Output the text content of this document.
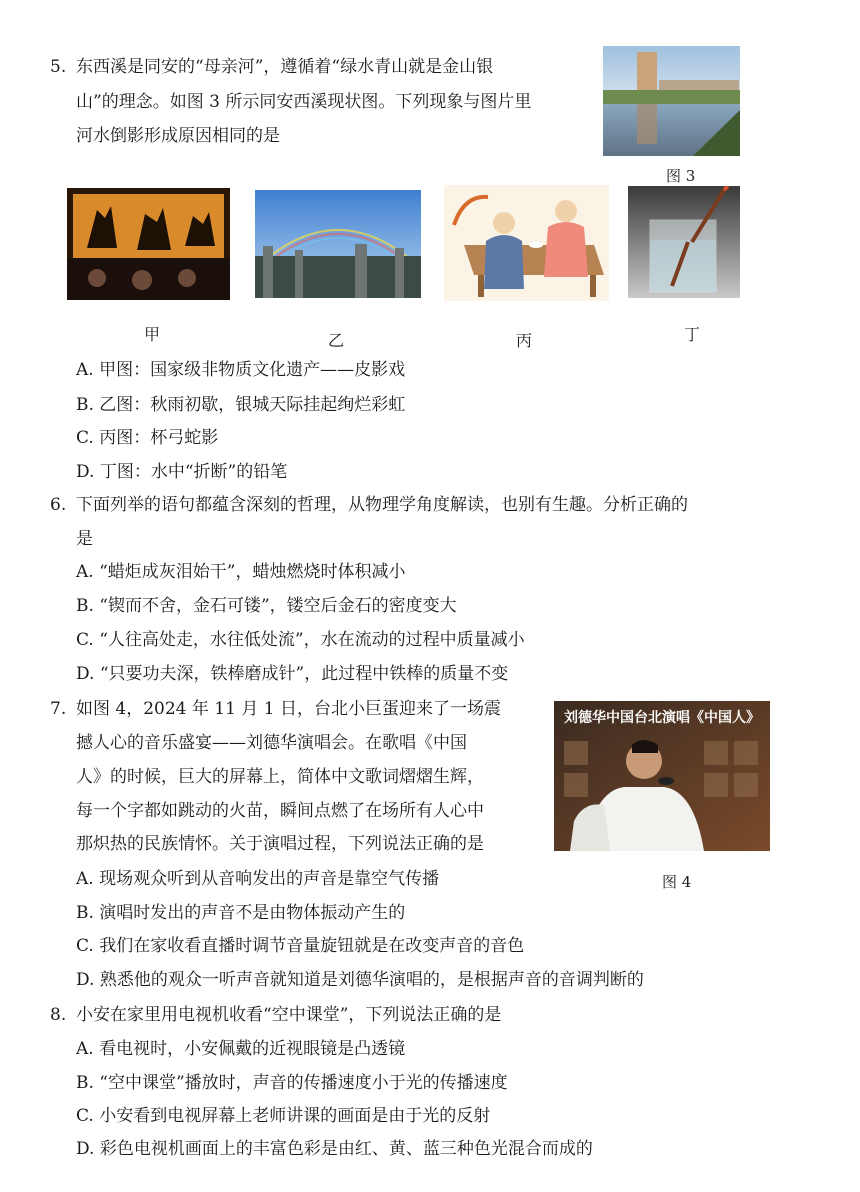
5. 东西溪是同安的“母亲河”，遵循着“绿水青山就是金山银
山”的理念。如图 3 所示同安西溪现状图。下列现象与图片里
河水倒影形成原因相同的是
图 3
甲	乙	丙	丁
A. 甲图：国家级非物质文化遗产——皮影戏
B. 乙图：秋雨初歇，银城天际挂起绚烂彩虹
C. 丙图：杯弓蛇影
D. 丁图：水中“折断”的铅笔
6. 下面列举的语句都蕴含深刻的哲理，从物理学角度解读，也别有生趣。分析正确的
是
A. “蜡炬成灰泪始干”，蜡烛燃烧时体积减小
B. “锲而不舍，金石可镂”，镂空后金石的密度变大
C. “人往高处走，水往低处流”，水在流动的过程中质量减小
D. “只要功夫深，铁棒磨成针”，此过程中铁棒的质量不变
7. 如图 4，2024 年 11 月 1 日，台北小巨蛋迎来了一场震
撼人心的音乐盛宴——刘德华演唱会。在歌唱《中国
人》的时候，巨大的屏幕上，简体中文歌词熠熠生辉，
每一个字都如跳动的火苗，瞬间点燃了在场所有人心中
那炽热的民族情怀。关于演唱过程，下列说法正确的是
刘德华中国台北演唱《中国人》
图 4
A. 现场观众听到从音响发出的声音是靠空气传播
B. 演唱时发出的声音不是由物体振动产生的
C. 我们在家收看直播时调节音量旋钮就是在改变声音的音色
D. 熟悉他的观众一听声音就知道是刘德华演唱的，是根据声音的音调判断的
8. 小安在家里用电视机收看“空中课堂”，下列说法正确的是
A. 看电视时，小安佩戴的近视眼镜是凸透镜
B. “空中课堂”播放时，声音的传播速度小于光的传播速度
C. 小安看到电视屏幕上老师讲课的画面是由于光的反射
D. 彩色电视机画面上的丰富色彩是由红、黄、蓝三种色光混合而成的
